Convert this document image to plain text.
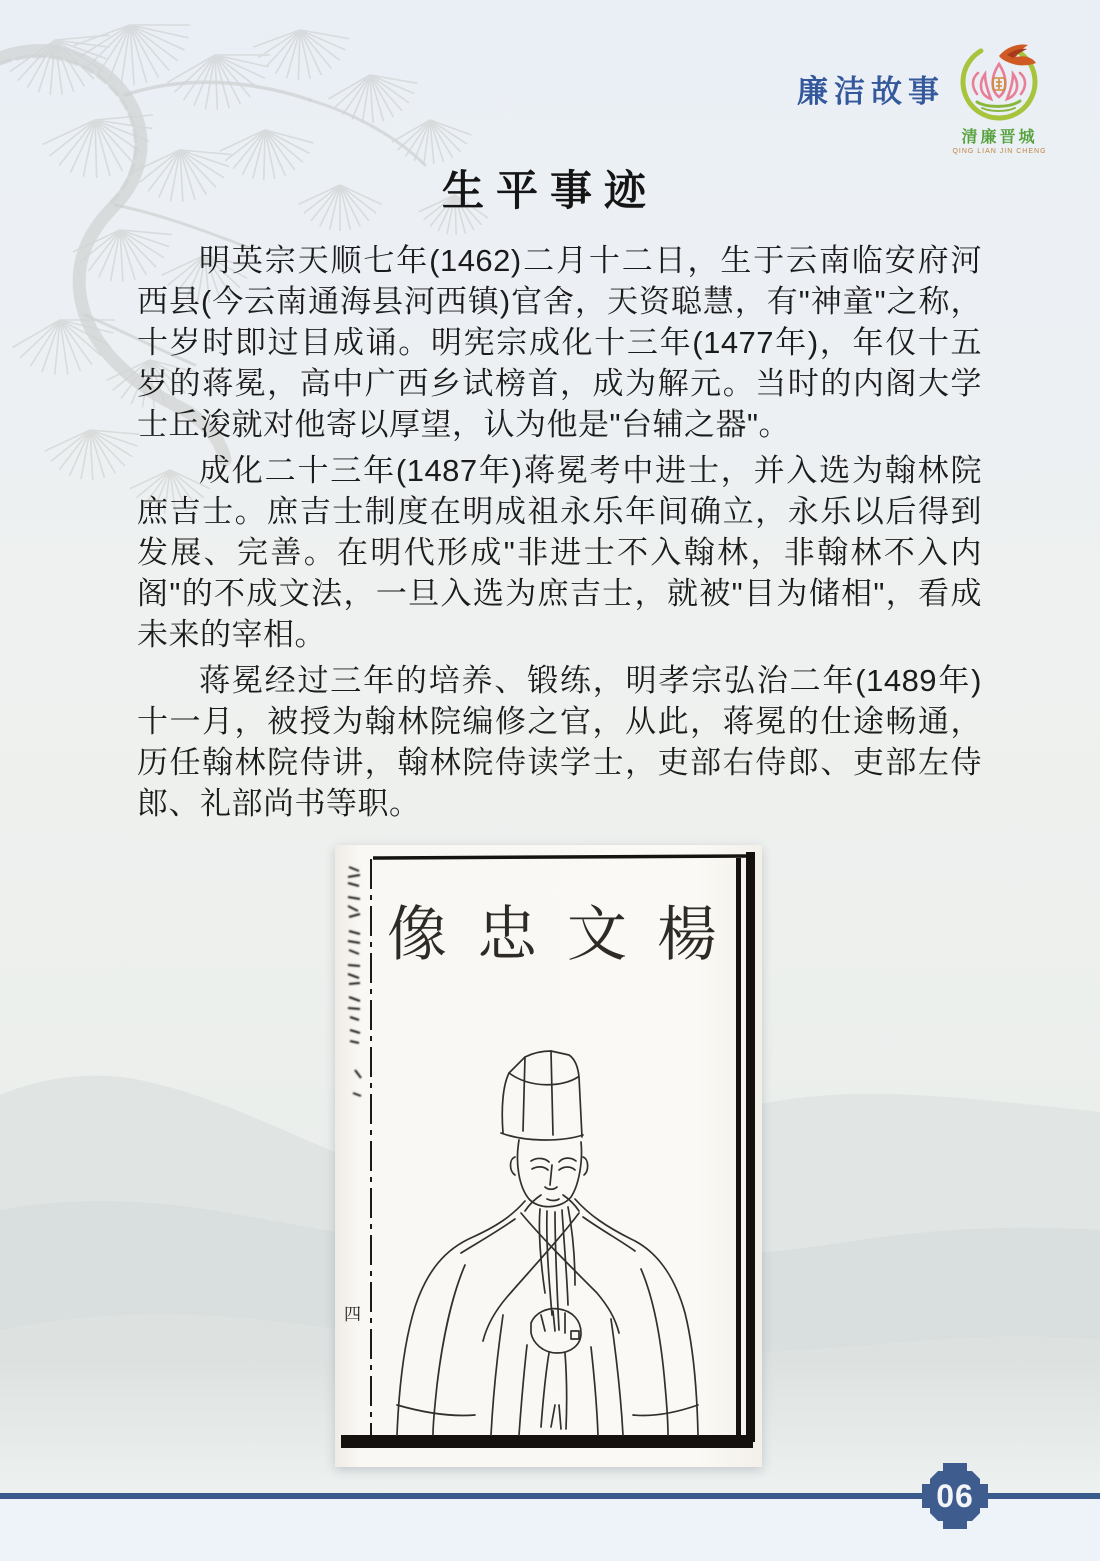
廉洁故事
清廉晋城
QING LIAN JIN CHENG
生平事迹

明英宗天顺七年(1462)二月十二日，生于云南临安府河西县(今云南通海县河西镇)官舍，天资聪慧，有"神童"之称，十岁时即过目成诵。明宪宗成化十三年(1477年)，年仅十五岁的蒋冕，高中广西乡试榜首，成为解元。当时的内阁大学士丘浚就对他寄以厚望，认为他是"台辅之器"。

成化二十三年(1487年)蒋冕考中进士，并入选为翰林院庶吉士。庶吉士制度在明成祖永乐年间确立，永乐以后得到发展、完善。在明代形成"非进士不入翰林，非翰林不入内阁"的不成文法，一旦入选为庶吉士，就被"目为储相"，看成未来的宰相。

蒋冕经过三年的培养、锻练，明孝宗弘治二年(1489年)十一月，被授为翰林院编修之官，从此，蒋冕的仕途畅通，历任翰林院侍讲，翰林院侍读学士，吏部右侍郎、吏部左侍郎、礼部尚书等职。

像 忠 文 楊
四
06
